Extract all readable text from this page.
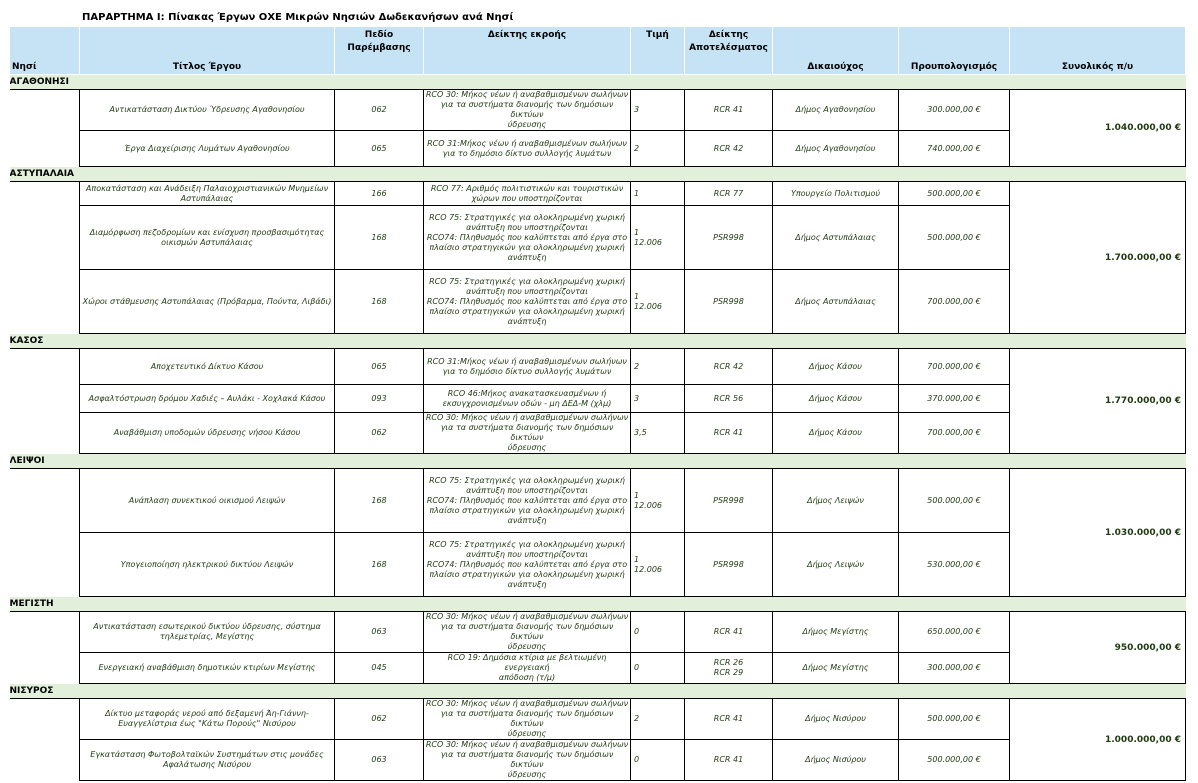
ΠΑΡΑΡΤΗΜΑ Ι: Πίνακας Έργων ΟΧΕ Μικρών Νησιών Δωδεκανήσων ανά Νησί
Νησί	Τίτλος Έργου	Πεδίο
Παρέμβασης	Δείκτης εκροής	Τιμή	Δείκτης
Αποτελέσματος	Δικαιούχος	Προυπολογισμός	Συνολικός π/υ
ΑΓΑΘΟΝΗΣΙ								

	Αντικατάσταση Δικτύου Ύδρευσης Αγαθονησίου	062	RCO 30: Μήκος νέων ή αναβαθμισμένων σωλήνων
για τα συστήματα διανομής των δημόσιων δικτύων
ύδρευσης	3	RCR 41	Δήμος Αγαθονησίου	300.000,00 €	1.040.000,00 €

	Έργα Διαχείρισης Λυμάτων Αγαθονησίου	065	RCO 31:Μήκος νέων ή αναβαθμισμένων σωλήνων
για το δημόσιο δίκτυο συλλογής λυμάτων	2	RCR 42	Δήμος Αγαθονησίου	740.000,00 €	
ΑΣΤΥΠΑΛΑΙΑ								

	Αποκατάσταση και Ανάδειξη Παλαιοχριστιανικών Μνημείων
Αστυπάλαιας	166	RCO 77: Αριθμός πολιτιστικών και τουριστικών
χώρων που υποστηρίζονται	1	RCR 77	Υπουργείο Πολιτισμού	500.000,00 €	1.700.000,00 €

	Διαμόρφωση πεζοδρομίων και ενίσχυση προσβασιμότητας
οικισμών Αστυπάλαιας	168	RCO 75: Στρατηγικές για ολοκληρωμένη χωρική
ανάπτυξη που υποστηρίζονται
RCO74: Πληθυσμός που καλύπτεται από έργα στο
πλαίσιο στρατηγικών για ολοκληρωμένη χωρική
ανάπτυξη	1
12.006	PSR998	Δήμος Αστυπάλαιας	500.000,00 €	

	Χώροι στάθμευσης Αστυπάλαιας (Πρόβαρμα, Πούντα, Λιβάδι)	168	RCO 75: Στρατηγικές για ολοκληρωμένη χωρική
ανάπτυξη που υποστηρίζονται
RCO74: Πληθυσμός που καλύπτεται από έργα στο
πλαίσιο στρατηγικών για ολοκληρωμένη χωρική
ανάπτυξη	1
12.006	PSR998	Δήμος Αστυπάλαιας	700.000,00 €	
ΚΑΣΟΣ								

	Αποχετευτικό Δίκτυο Κάσου	065	RCO 31:Μήκος νέων ή αναβαθμισμένων σωλήνων
για το δημόσιο δίκτυο συλλογής λυμάτων	2	RCR 42	Δήμος Κάσου	700.000,00 €	1.770.000,00 €

	Ασφαλτόστρωση δρόμου Χαδιές – Αυλάκι - Χοχλακά Κάσου	093	RCO 46:Μήκος ανακατασκευασμένων ή
εκσυγχρονισμένων οδών - μη ΔΕΔ-Μ (χλμ)	3	RCR 56	Δήμος Κάσου	370.000,00 €	

	Αναβάθμιση υποδομών ύδρευσης νήσου Κάσου	062	RCO 30: Μήκος νέων ή αναβαθμισμένων σωλήνων
για τα συστήματα διανομής των δημόσιων δικτύων
ύδρευσης	3,5	RCR 41	Δήμος Κάσου	700.000,00 €	
ΛΕΙΨΟΙ								

	Ανάπλαση συνεκτικού οικισμού Λειψών	168	RCO 75: Στρατηγικές για ολοκληρωμένη χωρική
ανάπτυξη που υποστηρίζονται
RCO74: Πληθυσμός που καλύπτεται από έργα στο
πλαίσιο στρατηγικών για ολοκληρωμένη χωρική
ανάπτυξη	1
12.006	PSR998	Δήμος Λειψών	500.000,00 €	1.030.000,00 €

	Υπογειοποίηση ηλεκτρικού δικτύου Λειψών	168	RCO 75: Στρατηγικές για ολοκληρωμένη χωρική
ανάπτυξη που υποστηρίζονται
RCO74: Πληθυσμός που καλύπτεται από έργα στο
πλαίσιο στρατηγικών για ολοκληρωμένη χωρική
ανάπτυξη	1
12.006	PSR998	Δήμος Λειψών	530.000,00 €	
ΜΕΓΙΣΤΗ								

	Αντικατάσταση εσωτερικού δικτύου ύδρευσης, σύστημα
τηλεμετρίας, Μεγίστης	063	RCO 30: Μήκος νέων ή αναβαθμισμένων σωλήνων
για τα συστήματα διανομής των δημόσιων δικτύων
ύδρευσης	0	RCR 41	Δήμος Μεγίστης	650.000,00 €	950.000,00 €

	Ενεργειακή αναβάθμιση δημοτικών κτιρίων Μεγίστης	045	RCO 19: Δημόσια κτίρια με βελτιωμένη ενεργειακή
απόδοση (τ/μ)	0	RCR 26
RCR 29	Δήμος Μεγίστης	300.000,00 €	
ΝΙΣΥΡΟΣ								

	Δίκτυο μεταφοράς νερού από δεξαμενή Άη-Γιάννη-
Ευαγγελίστρια έως "Κάτω Πορούς" Νισύρου	062	RCO 30: Μήκος νέων ή αναβαθμισμένων σωλήνων
για τα συστήματα διανομής των δημόσιων δικτύων
ύδρευσης	2	RCR 41	Δήμος Νισύρου	500.000,00 €	1.000.000,00 €

	Εγκατάσταση Φωτοβολταϊκών Συστημάτων στις μονάδες
Αφαλάτωσης Νισύρου	063	RCO 30: Μήκος νέων ή αναβαθμισμένων σωλήνων
για τα συστήματα διανομής των δημόσιων δικτύων
ύδρευσης	0	RCR 41	Δήμος Νισύρου	500.000,00 €	
